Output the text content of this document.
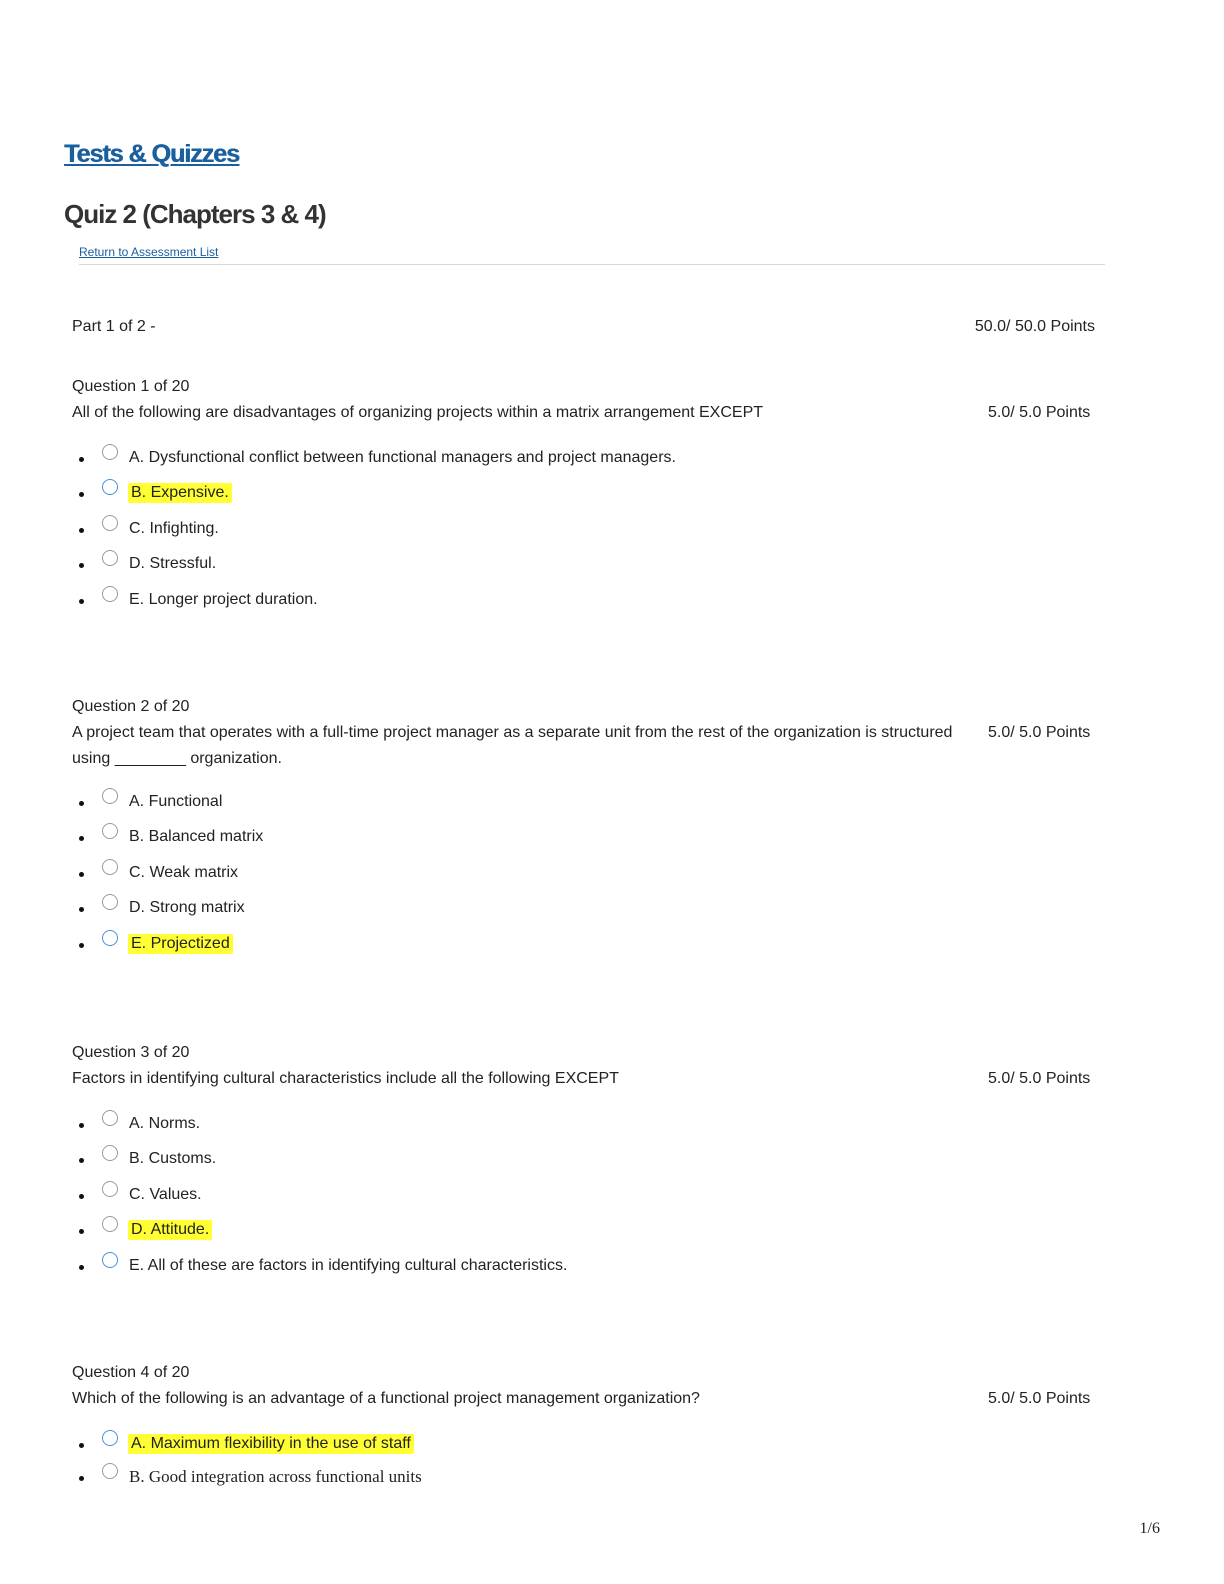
Tests & Quizzes
Quiz 2 (Chapters 3 & 4)
Return to Assessment List
Part 1 of 2 -	50.0/ 50.0 Points
Question 1 of 20
All of the following are disadvantages of organizing projects within a matrix arrangement EXCEPT	5.0/ 5.0 Points
A. Dysfunctional conflict between functional managers and project managers.
B. Expensive.
C. Infighting.
D. Stressful.
E. Longer project duration.
Question 2 of 20
A project team that operates with a full-time project manager as a separate unit from the rest of the organization is structured using ________ organization.
5.0/ 5.0 Points
A. Functional
B. Balanced matrix
C. Weak matrix
D. Strong matrix
E. Projectized
Question 3 of 20
Factors in identifying cultural characteristics include all the following EXCEPT	5.0/ 5.0 Points
A. Norms.
B. Customs.
C. Values.
D. Attitude.
E. All of these are factors in identifying cultural characteristics.
Question 4 of 20
Which of the following is an advantage of a functional project management organization?	5.0/ 5.0 Points
A. Maximum flexibility in the use of staff
B. Good integration across functional units
1/6
